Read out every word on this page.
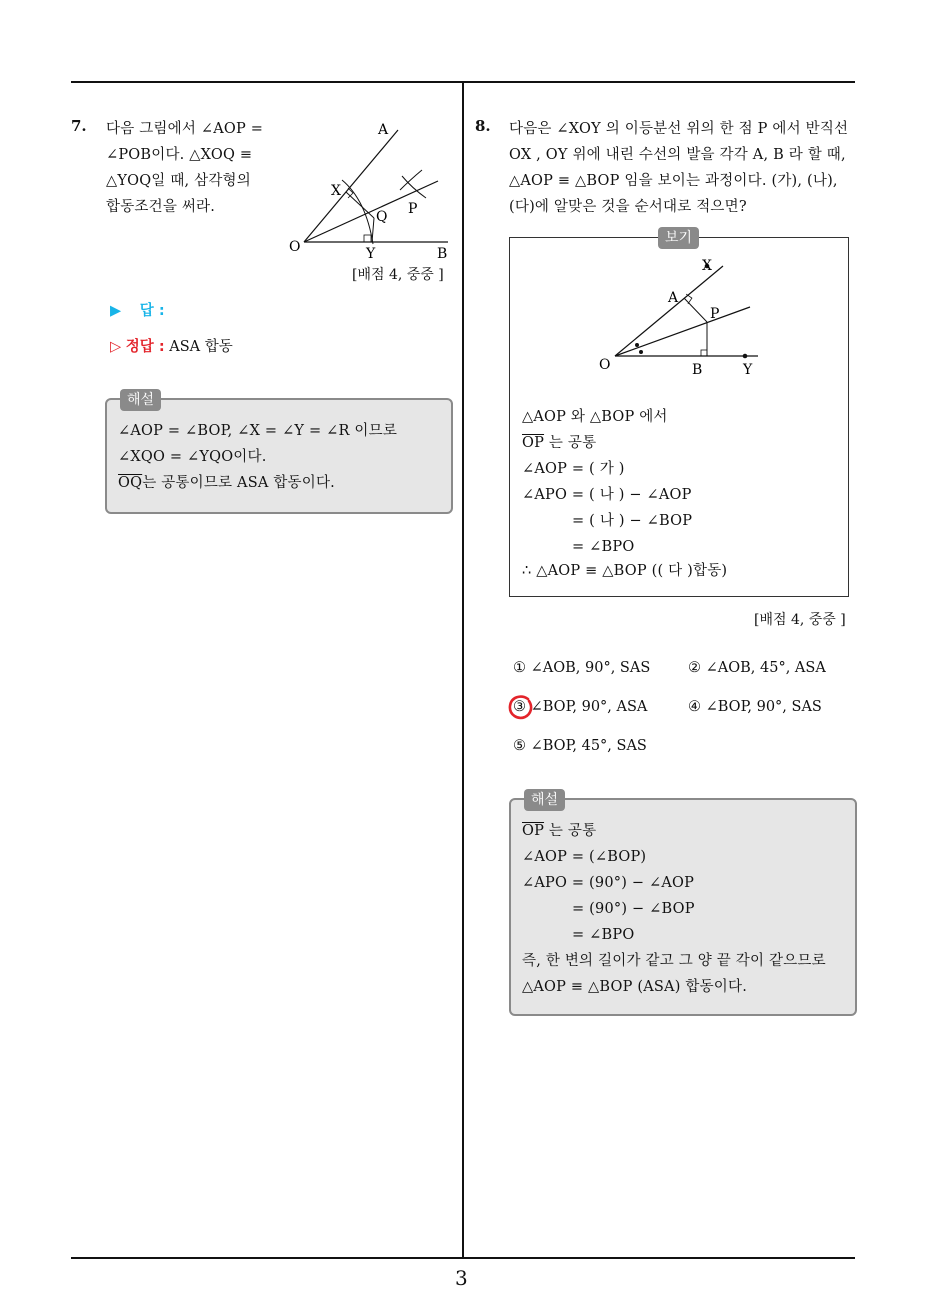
7. 다음 그림에서 ∠AOP =
∠POB이다. △XOQ ≡
△YOQ일 때, 삼각형의
합동조건을 써라.
A
X
Q P
O	Y	B
[배점 4, 중중 ]
▶ 답 :
▷ 정답 : ASA 합동
해설
∠AOP = ∠BOP, ∠X = ∠Y = ∠R 이므로
∠XQO = ∠YQO이다.
$\overline{OQ}$는 공통이므로 ASA 합동이다.
8. 다음은 ∠XOY 의 이등분선 위의 한 점 P 에서 반직선
OX , OY 위에 내린 수선의 발을 각각 A, B 라 할 때,
△AOP ≡ △BOP 임을 보이는 과정이다. (가), (나),
(다)에 알맞은 것을 순서대로 적으면?
보기
X
A
P
O	B	Y
△AOP 와 △BOP 에서
$\overline{OP}$ 는 공통
∠AOP = ( 가 )
∠APO = ( 나 ) − ∠AOP
= ( 나 ) − ∠BOP
= ∠BPO
∴ △AOP ≡ △BOP (( 다 )합동)
[배점 4, 중중 ]
① ∠AOB, 90°, SAS	② ∠AOB, 45°, ASA
③ ∠BOP, 90°, ASA	④ ∠BOP, 90°, SAS
⑤ ∠BOP, 45°, SAS
해설
$\overline{OP}$ 는 공통
∠AOP = (∠BOP)
∠APO = (90°) − ∠AOP
= (90°) − ∠BOP
= ∠BPO
즉, 한 변의 길이가 같고 그 양 끝 각이 같으므로
△AOP ≡ △BOP (ASA) 합동이다.
3
